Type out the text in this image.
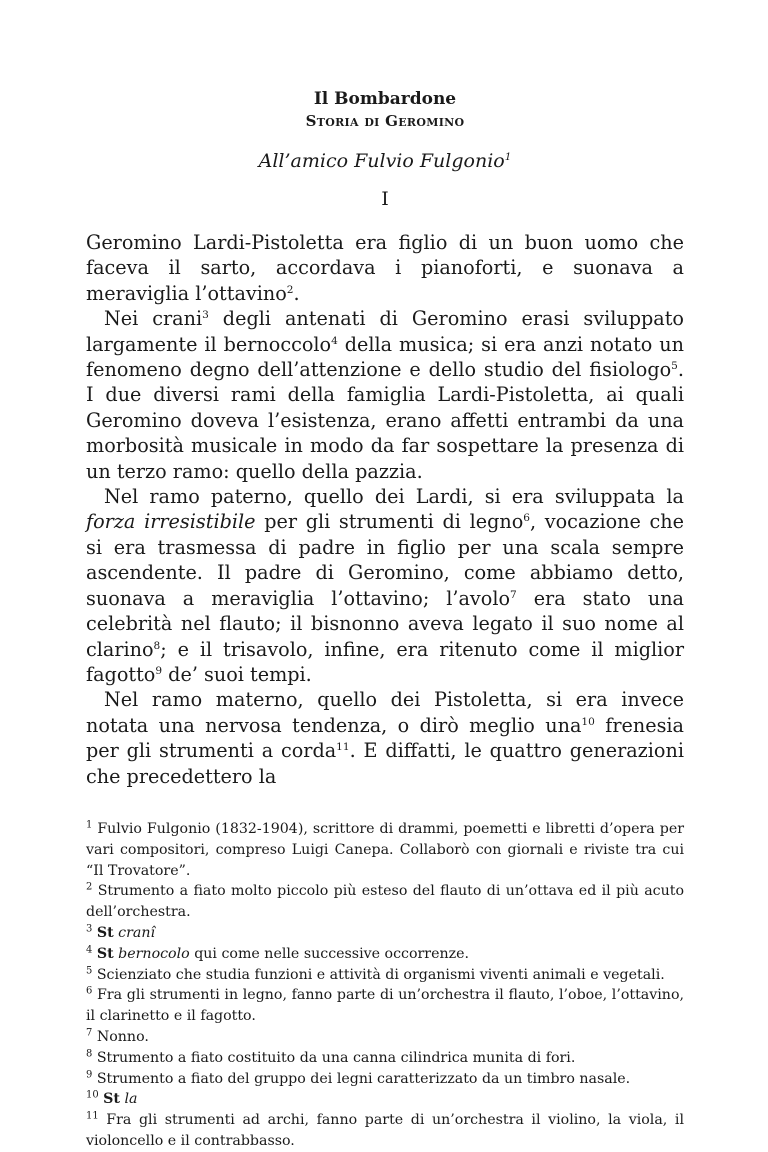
Il Bombardone
Storia di Geromino
All’amico Fulvio Fulgonio$^1$
I

Geromino Lardi-Pistoletta era figlio di un buon uomo che faceva il sarto, accordava i pianoforti, e suonava a meraviglia l’ottavino$^2$.

Nei crani$^3$ degli antenati di Geromino erasi sviluppato largamente il bernoccolo$^4$ della musica; si era anzi notato un fenomeno degno dell’attenzione e dello studio del fisiologo$^5$. I due diversi rami della famiglia Lardi-Pistoletta, ai quali Geromino doveva l’esistenza, erano affetti entrambi da una morbosità musicale in modo da far sospettare la presenza di un terzo ramo: quello della pazzia.

Nel ramo paterno, quello dei Lardi, si era sviluppata la forza irresistibile per gli strumenti di legno$^6$, vocazione che si era trasmessa di padre in figlio per una scala sempre ascendente. Il padre di Geromino, come abbiamo detto, suonava a meraviglia l’ottavino; l’avolo$^7$ era stato una celebrità nel flauto; il bisnonno aveva legato il suo nome al clarino$^8$; e il trisavolo, infine, era ritenuto come il miglior fagotto$^9$ de’ suoi tempi.

Nel ramo materno, quello dei Pistoletta, si era invece notata una nervosa tendenza, o dirò meglio una$^{10}$ frenesia per gli strumenti a corda$^{11}$. E diffatti, le quattro generazioni che precedettero la

$^1$ Fulvio Fulgonio (1832-1904), scrittore di drammi, poemetti e libretti d’opera per vari compositori, compreso Luigi Canepa. Collaborò con giornali e riviste tra cui “Il Trovatore”.

$^2$ Strumento a fiato molto piccolo più esteso del flauto di un’ottava ed il più acuto dell’orchestra.

$^3$ St cranî

$^4$ St bernocolo qui come nelle successive occorrenze.

$^5$ Scienziato che studia funzioni e attività di organismi viventi animali e vegetali.

$^6$ Fra gli strumenti in legno, fanno parte di un’orchestra il flauto, l’oboe, l’ottavino, il clarinetto e il fagotto.

$^7$ Nonno.

$^8$ Strumento a fiato costituito da una canna cilindrica munita di fori.

$^9$ Strumento a fiato del gruppo dei legni caratterizzato da un timbro nasale.

$^{10}$ St la

$^{11}$ Fra gli strumenti ad archi, fanno parte di un’orchestra il violino, la viola, il violoncello e il contrabbasso.
